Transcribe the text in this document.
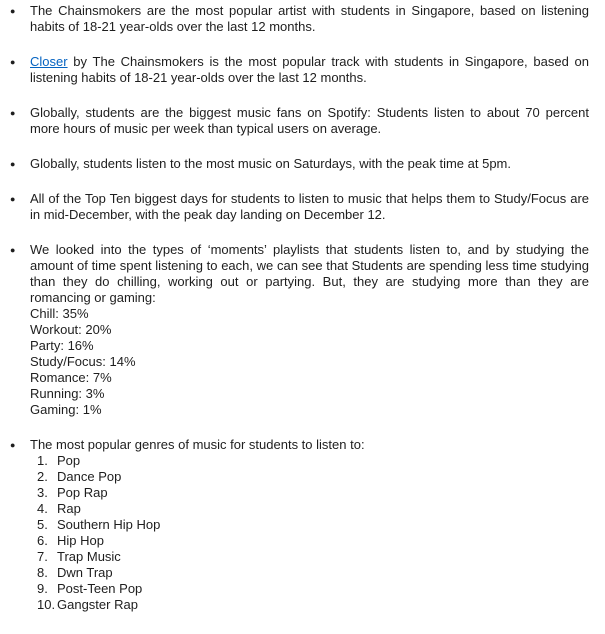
● The Chainsmokers are the most popular artist with students in Singapore, based on listening habits of 18-21 year-olds over the last 12 months.

● Closer by The Chainsmokers is the most popular track with students in Singapore, based on listening habits of 18-21 year-olds over the last 12 months.

● Globally, students are the biggest music fans on Spotify: Students listen to about 70 percent more hours of music per week than typical users on average.

● Globally, students listen to the most music on Saturdays, with the peak time at 5pm.

● All of the Top Ten biggest days for students to listen to music that helps them to Study/Focus are in mid-December, with the peak day landing on December 12.

● We looked into the types of ‘moments’ playlists that students listen to, and by studying the amount of time spent listening to each, we can see that Students are spending less time studying than they do chilling, working out or partying. But, they are studying more than they are romancing or gaming:

Chill: 35%
Workout: 20%
Party: 16%
Study/Focus: 14%
Romance: 7%
Running: 3%
Gaming: 1%
● The most popular genres of music for students to listen to:

1. Pop
2. Dance Pop
3. Pop Rap
4. Rap
5. Southern Hip Hop
6. Hip Hop
7. Trap Music
8. Dwn Trap
9. Post-Teen Pop
10. Gangster Rap
